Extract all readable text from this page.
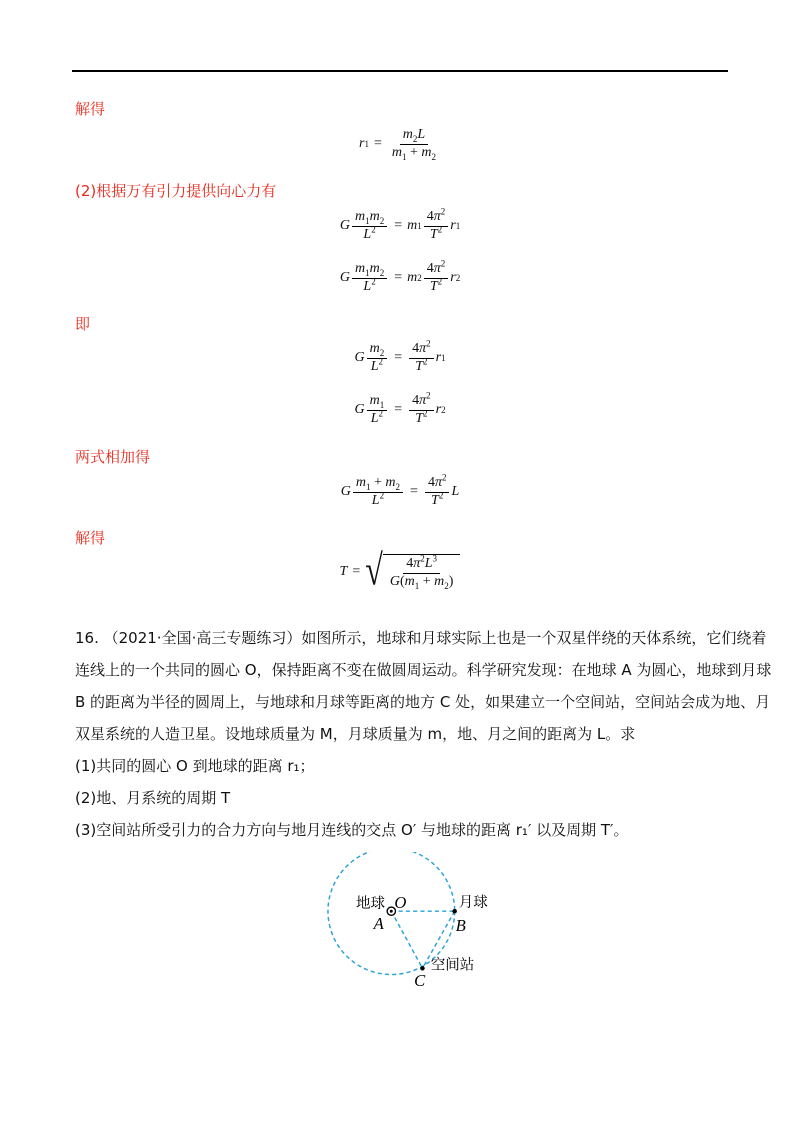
解得
r $1 = \frac{m_2L}{m_1 + m_2}$
(2)根据万有引力提供向心力有
G $\frac{m_1m_2}{L^2} = m$ $1 \frac{4\pi^2}{T^2}$ r 1
G $\frac{m_1m_2}{L^2} = m$ $2 \frac{4\pi^2}{T^2}$ r 2
即
G $\frac{m_2}{L^2} = \frac{4\pi^2}{T^2}$ r 1
G $\frac{m_1}{L^2} = \frac{4\pi^2}{T^2}$ r 2
两式相加得
G $\frac{m_1 + m_2}{L^2} = \frac{4\pi^2}{T^2}$ L
解得
T = √ $\frac{4\pi^2L^3}{G(m_1 + m_2)}$
16. （2021·全国·高三专题练习）如图所示，地球和月球实际上也是一个双星伴绕的天体系统，它们绕着
连线上的一个共同的圆心 O，保持距离不变在做圆周运动。科学研究发现：在地球 A 为圆心，地球到月球
B 的距离为半径的圆周上，与地球和月球等距离的地方 C 处，如果建立一个空间站，空间站会成为地、月
双星系统的人造卫星。设地球质量为 M，月球质量为 m，地、月之间的距离为 L。求
(1)共同的圆心 O 到地球的距离 r₁；
(2)地、月系统的周期 T
(3)空间站所受引力的合力方向与地月连线的交点 O′ 与地球的距离 r₁′ 以及周期 T′。
地球 O
A
月球
B
空间站
C
